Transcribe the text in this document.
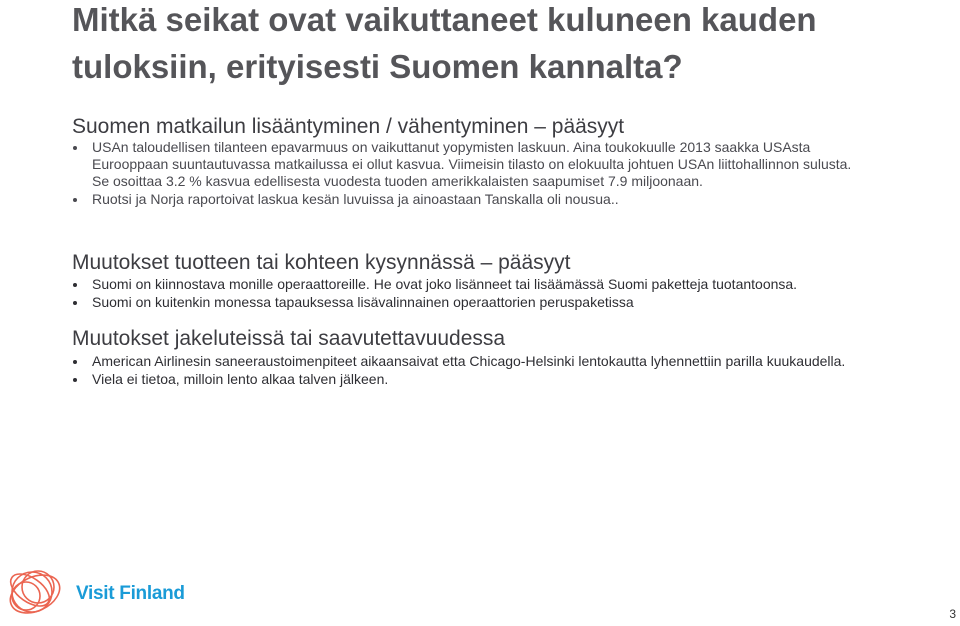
Mitkä seikat ovat vaikuttaneet kuluneen kauden tuloksiin, erityisesti Suomen kannalta?
Suomen matkailun lisääntyminen / vähentyminen – pääsyyt
USAn taloudellisen tilanteen epavarmuus on vaikuttanut yopymisten laskuun. Aina toukokuulle 2013 saakka USAsta Eurooppaan suuntautuvassa matkailussa ei ollut kasvua. Viimeisin tilasto on elokuulta johtuen USAn liittohallinnon sulusta. Se osoittaa 3.2 % kasvua edellisesta vuodesta tuoden amerikkalaisten saapumiset 7.9 miljoonaan.
Ruotsi ja Norja raportoivat laskua kesän luvuissa ja ainoastaan Tanskalla oli nousua..
Muutokset tuotteen tai kohteen kysynnässä – pääsyyt
Suomi on kiinnostava monille operaattoreille. He ovat joko lisänneet tai lisäämässä Suomi paketteja tuotantoonsa.
Suomi on kuitenkin monessa tapauksessa lisävalinnainen operaattorien peruspaketissa
Muutokset jakeluteissä tai saavutettavuudessa
American Airlinesin saneeraustoimenpiteet aikaansaivat etta Chicago-Helsinki lentokautta lyhennettiin parilla kuukaudella.
Viela ei tietoa, milloin lento alkaa talven jälkeen.
Visit Finland
3
